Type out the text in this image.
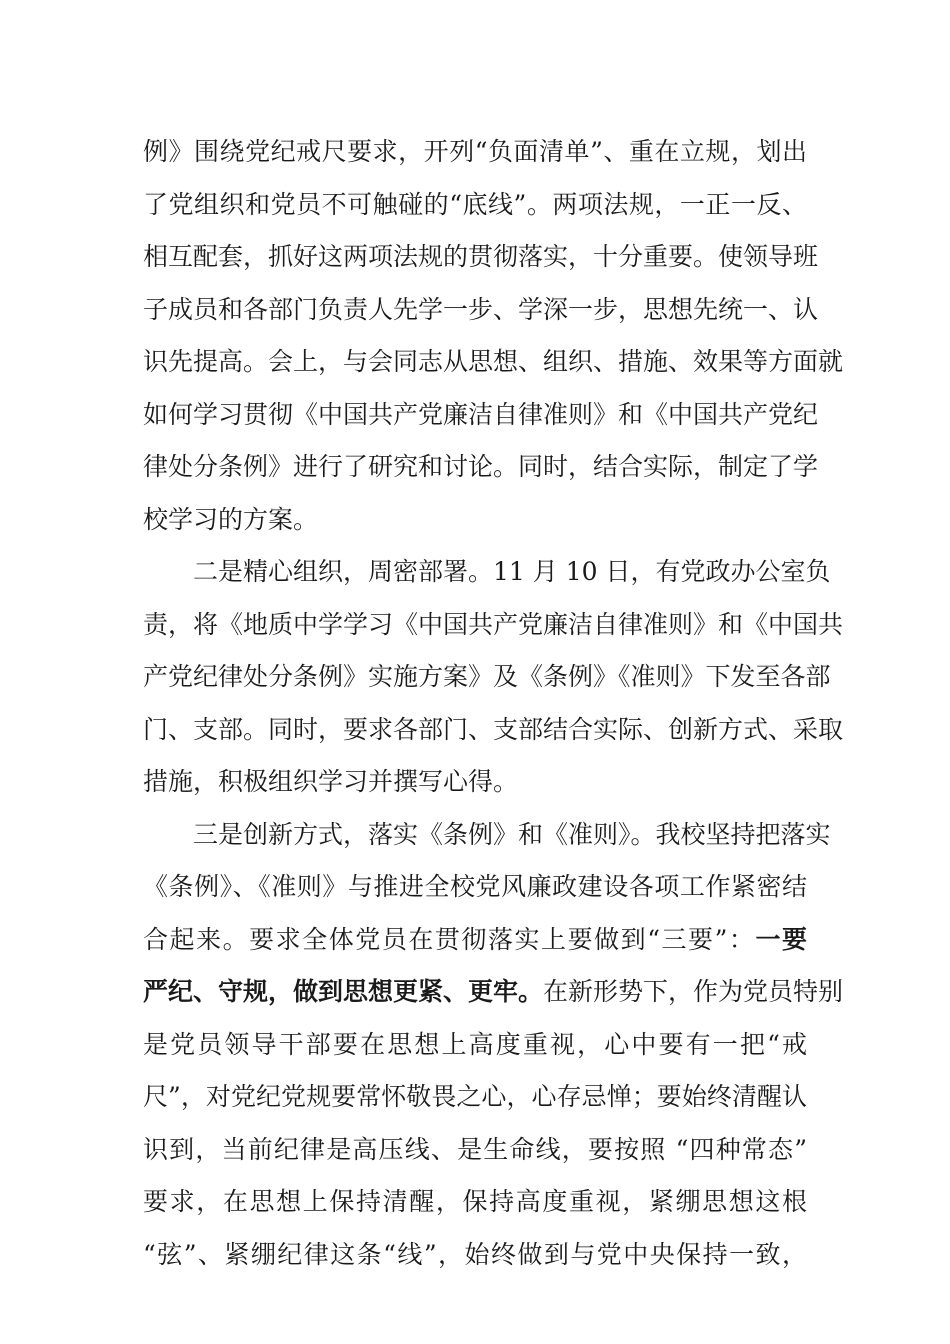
例》围绕党纪戒尺要求，开列“负面清单”、重在立规，划出
了党组织和党员不可触碰的“底线”。两项法规，一正一反、
相互配套，抓好这两项法规的贯彻落实，十分重要。使领导班
子成员和各部门负责人先学一步、学深一步，思想先统一、认
识先提高。会上，与会同志从思想、组织、措施、效果等方面就
如何学习贯彻《中国共产党廉洁自律准则》和《中国共产党纪
律处分条例》进行了研究和讨论。同时，结合实际，制定了学
校学习的方案。
二是精心组织，周密部署。11 月 10 日，有党政办公室负
责，将《地质中学学习《中国共产党廉洁自律准则》和《中国共
产党纪律处分条例》实施方案》及《条例》《准则》下发至各部
门、支部。同时，要求各部门、支部结合实际、创新方式、采取
措施，积极组织学习并撰写心得。
三是创新方式，落实《条例》和《准则》。我校坚持把落实
《条例》、《准则》与推进全校党风廉政建设各项工作紧密结
合起来。要求全体党员在贯彻落实上要做到“三要”：一要
严纪、守规，做到思想更紧、更牢。在新形势下，作为党员特别
是党员领导干部要在思想上高度重视，心中要有一把“戒
尺”，对党纪党规要常怀敬畏之心，心存忌惮；要始终清醒认
识到，当前纪律是高压线、是生命线，要按照 “四种常态”
要求，在思想上保持清醒，保持高度重视，紧绷思想这根
“弦”、紧绷纪律这条“线”，始终做到与党中央保持一致，
